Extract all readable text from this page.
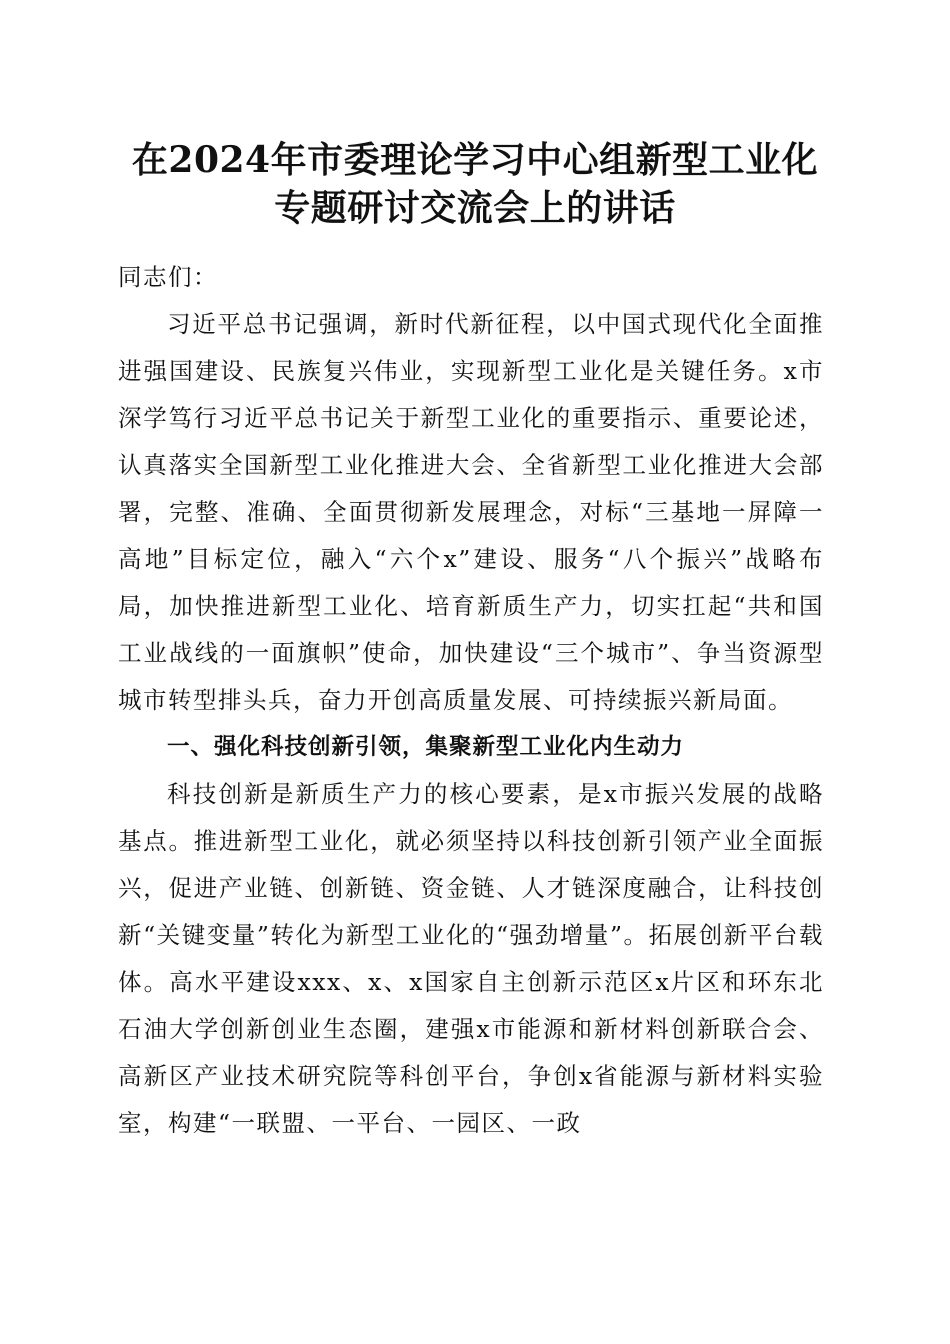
在2024年市委理论学习中心组新型工业化专题研讨交流会上的讲话

同志们：

习近平总书记强调，新时代新征程，以中国式现代化全面推进强国建设、民族复兴伟业，实现新型工业化是关键任务。x市深学笃行习近平总书记关于新型工业化的重要指示、重要论述，认真落实全国新型工业化推进大会、全省新型工业化推进大会部署，完整、准确、全面贯彻新发展理念，对标“三基地一屏障一高地”目标定位，融入“六个x”建设、服务“八个振兴”战略布局，加快推进新型工业化、培育新质生产力，切实扛起“共和国工业战线的一面旗帜”使命，加快建设“三个城市”、争当资源型城市转型排头兵，奋力开创高质量发展、可持续振兴新局面。

一、强化科技创新引领，集聚新型工业化内生动力

科技创新是新质生产力的核心要素，是x市振兴发展的战略基点。推进新型工业化，就必须坚持以科技创新引领产业全面振兴，促进产业链、创新链、资金链、人才链深度融合，让科技创新“关键变量”转化为新型工业化的“强劲增量”。拓展创新平台载体。高水平建设xxx、x、x国家自主创新示范区x片区和环东北石油大学创新创业生态圈，建强x市能源和新材料创新联合会、高新区产业技术研究院等科创平台，争创x省能源与新材料实验室，构建“一联盟、一平台、一园区、一政
